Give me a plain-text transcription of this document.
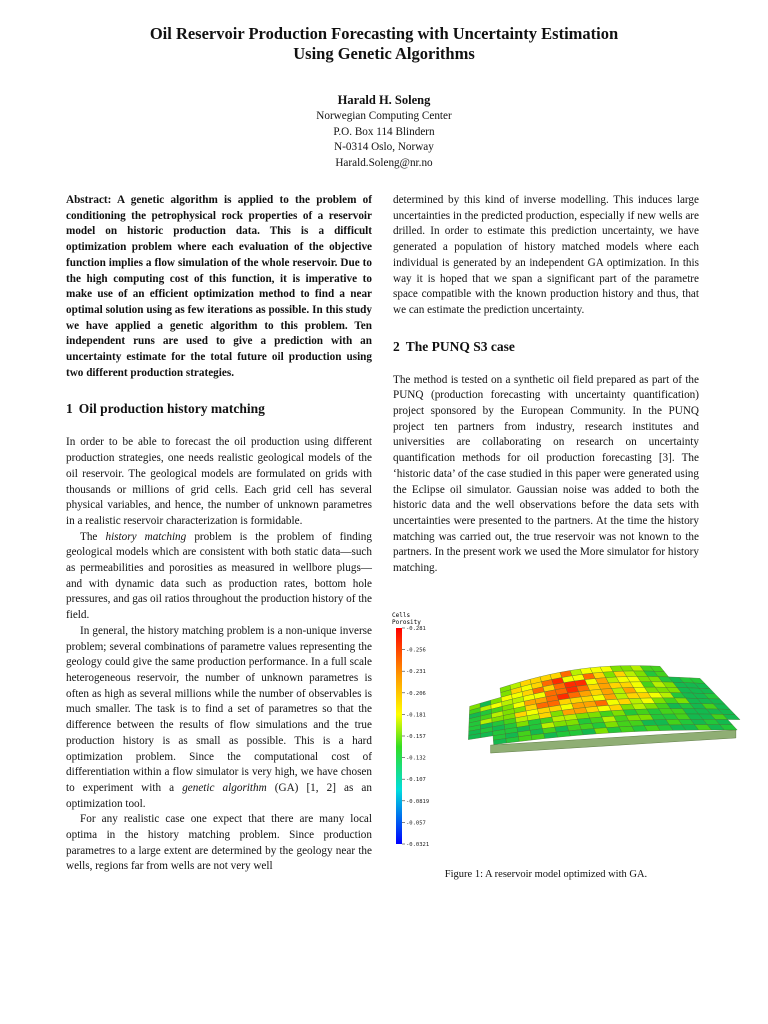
Oil Reservoir Production Forecasting with Uncertainty Estimation
Using Genetic Algorithms
Harald H. Soleng
Norwegian Computing Center
P.O. Box 114 Blindern
N-0314 Oslo, Norway
Harald.Soleng@nr.no

Abstract: A genetic algorithm is applied to the problem of conditioning the petrophysical rock properties of a reservoir model on historic production data. This is a difficult optimization problem where each evaluation of the objective function implies a flow simulation of the whole reservoir. Due to the high computing cost of this function, it is imperative to make use of an efficient optimization method to find a near optimal solution using as few iterations as possible. In this study we have applied a genetic algorithm to this problem. Ten independent runs are used to give a prediction with an uncertainty estimate for the total future oil production using two different production strategies.

1 Oil production history matching

In order to be able to forecast the oil production using different production strategies, one needs realistic geological models of the oil reservoir. The geological models are formulated on grids with thousands or millions of grid cells. Each grid cell has several physical variables, and hence, the number of unknown parametres in a realistic reservoir characterization is formidable.

The history matching problem is the problem of finding geological models which are consistent with both static data—such as permeabilities and porosities as measured in wellbore plugs—and with dynamic data such as production rates, bottom hole pressures, and gas oil ratios throughout the production history of the field.

In general, the history matching problem is a non-unique inverse problem; several combinations of parametre values representing the geology could give the same production performance. In a full scale heterogeneous reservoir, the number of unknown parametres is often as high as several millions while the number of observables is much smaller. The task is to find a set of parametres so that the difference between the results of flow simulations and the true production history is as small as possible. This is a hard optimization problem. Since the computational cost of differentiation within a flow simulator is very high, we have chosen to experiment with a genetic algorithm (GA) [1, 2] as an optimization tool.

For any realistic case one expect that there are many local optima in the history matching problem. Since production parametres to a large extent are determined by the geology near the wells, regions far from wells are not very well

determined by this kind of inverse modelling. This induces large uncertainties in the predicted production, especially if new wells are drilled. In order to estimate this prediction uncertainty, we have generated a population of history matched models where each individual is generated by an independent GA optimization. In this way it is hoped that we span a significant part of the parametre space compatible with the known production history and thus, that we can estimate the prediction uncertainty.

2 The PUNQ S3 case

The method is tested on a synthetic oil field prepared as part of the PUNQ (production forecasting with uncertainty quantification) project sponsored by the European Community. In the PUNQ project ten partners from industry, research institutes and universities are collaborating on research on uncertainty quantification methods for oil production forecasting [3]. The ‘historic data’ of the case studied in this paper were generated using the Eclipse oil simulator. Gaussian noise was added to both the historic data and the well observations before the data sets with uncertainties were presented to the partners. At the time the history matching was carried out, the true reservoir was not known to the partners. In the present work we used the More simulator for history matching.

Cells
Porosity
-0.281
-0.256
-0.231
-0.206
-0.181
-0.157
-0.132
-0.107
-0.0819
-0.057
-0.0321
Figure 1: A reservoir model optimized with GA.
